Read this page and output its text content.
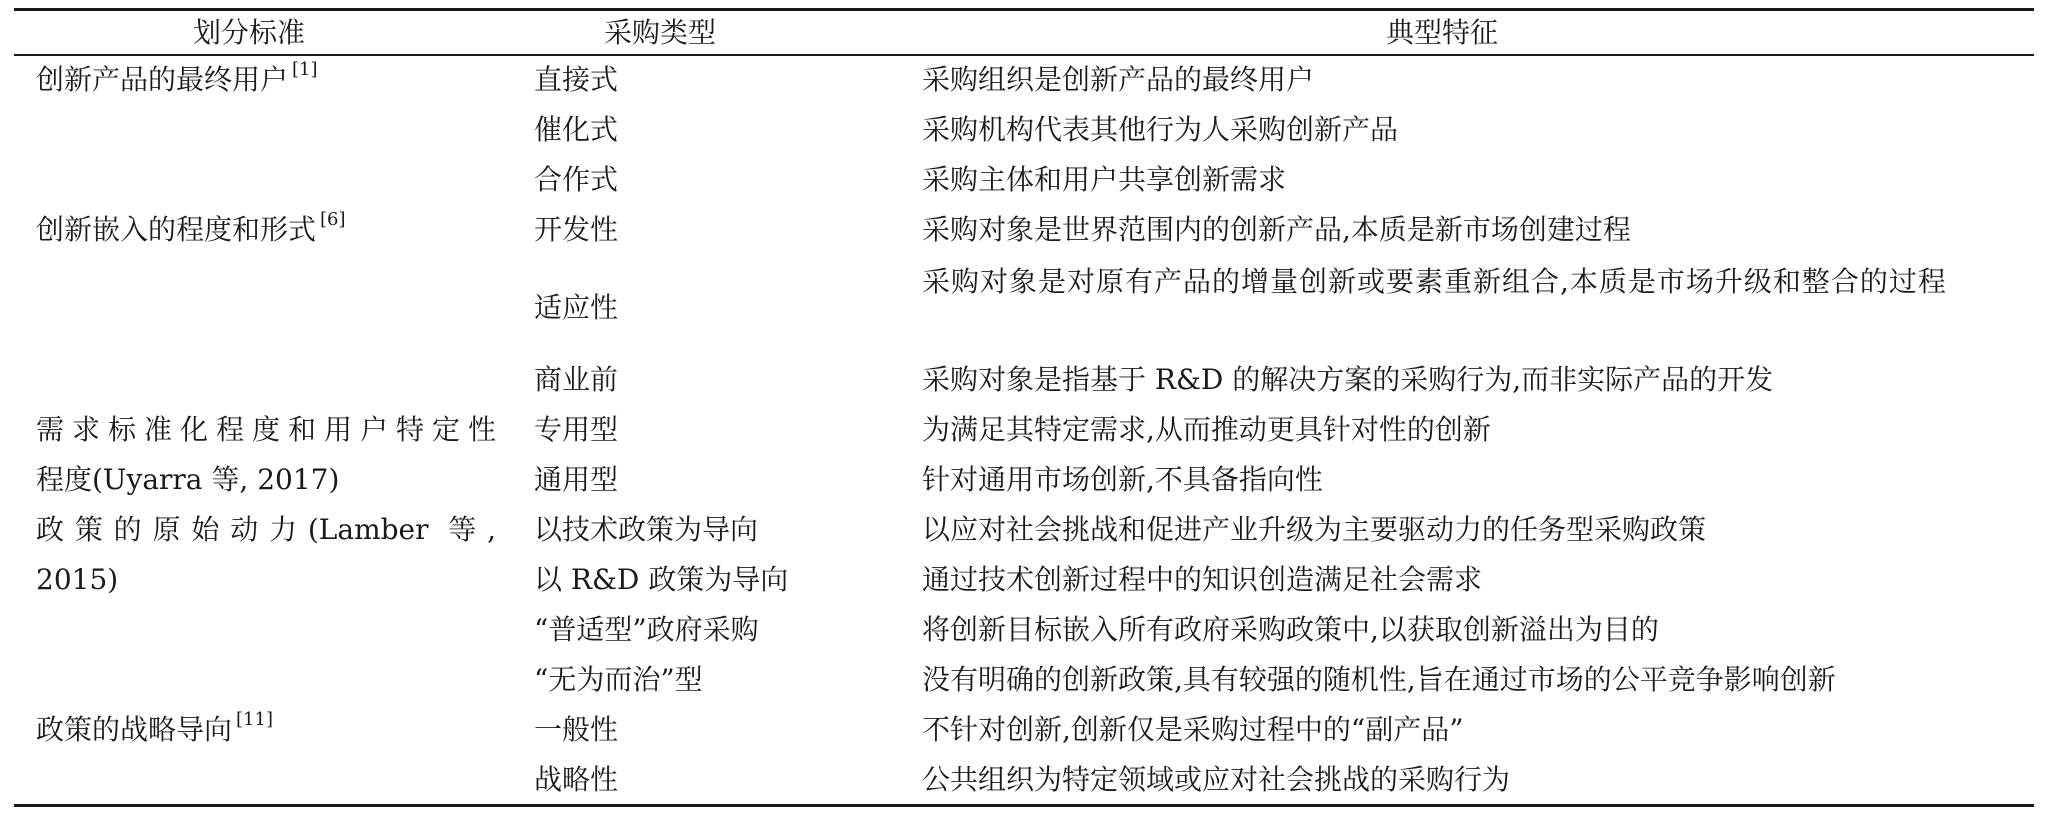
划分标准	采购类型	典型特征
创新产品的最终用户 [1]
创新嵌入的程度和形式 [6]
需求标准化程度和用户特定性
程度(Uyarra 等, 2017)
政策的原始动力(Lamber 等,
2015)
政策的战略导向 [11]
直接式
催化式
合作式
开发性
适应性
商业前
专用型
通用型
以技术政策为导向
以 R&D 政策为导向
“普适型”政府采购
“无为而治”型
一般性
战略性
采购组织是创新产品的最终用户
采购机构代表其他行为人采购创新产品
采购主体和用户共享创新需求
采购对象是世界范围内的创新产品,本质是新市场创建过程
采购对象是对原有产品的增量创新或要素重新组合,本质是市场升级和整合的过程
采购对象是指基于 R&D 的解决方案的采购行为,而非实际产品的开发
为满足其特定需求,从而推动更具针对性的创新
针对通用市场创新,不具备指向性
以应对社会挑战和促进产业升级为主要驱动力的任务型采购政策
通过技术创新过程中的知识创造满足社会需求
将创新目标嵌入所有政府采购政策中,以获取创新溢出为目的
没有明确的创新政策,具有较强的随机性,旨在通过市场的公平竞争影响创新
不针对创新,创新仅是采购过程中的“副产品”
公共组织为特定领域或应对社会挑战的采购行为
